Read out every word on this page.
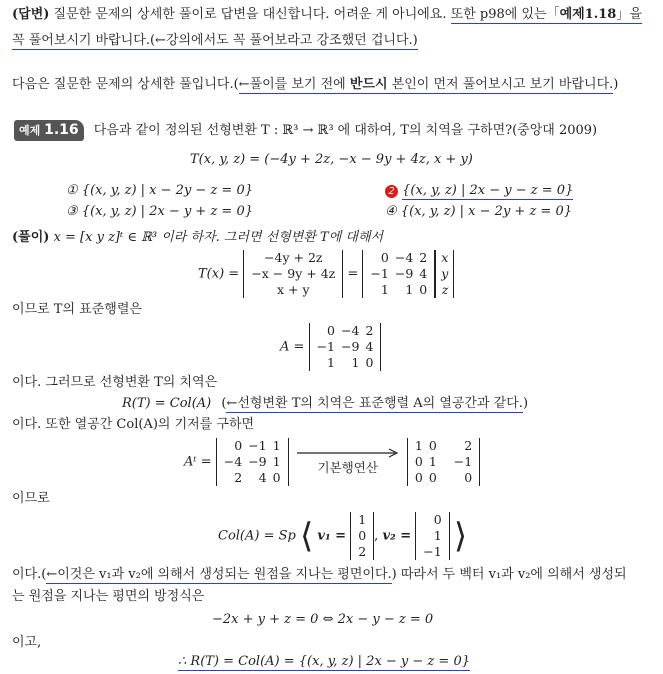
(답변) 질문한 문제의 상세한 풀이로 답변을 대신합니다. 어려운 게 아니에요. 또한 p98에 있는「예제1.18」을
꼭 풀어보시기 바랍니다.(←강의에서도 꼭 풀어보라고 강조했던 겁니다.)
다음은 질문한 문제의 상세한 풀입니다.(←풀이를 보기 전에 반드시 본인이 먼저 풀어보시고 보기 바랍니다.)
예제 1.16 다음과 같이 정의된 선형변환 T : ℝ³ → ℝ³ 에 대하여, T의 치역을 구하면?(중앙대 2009)
T(x, y, z) = (−4y + 2z, −x − 9y + 4z, x + y)
① {(x, y, z) | x − 2y − z = 0}	2 {(x, y, z) | 2x − y − z = 0}
③ {(x, y, z) | 2x − y + z = 0}	④ {(x, y, z) | x − 2y + z = 0}
(풀이) x = [x y z]ᵗ ∈ ℝ³ 이라 하자. 그러면 선형변환 T에 대해서
T(x) =
−4y + 2z
−x − 9y + 4z
x + y
=
0	−4	2
−1	−9	4
1	1	0
x
y
z
이므로 T의 표준행렬은
A =
0	−4	2
−1	−9	4
1	1	0
이다. 그러므로 선형변환 T의 치역은
R(T) = Col(A) (←선형변환 T의 치역은 표준행렬 A의 열공간과 같다.)
이다. 또한 열공간 Col(A)의 기저를 구하면
Aᵗ =
0	−1	1
−4	−9	1
2	4	0

기본행연산
1	0	2
0	1	−1
0	0	0
이므로
Col(A) = Sp ⟨ v₁ =
1
0
2
, v₂ =
0
1
−1 ⟩
이다.(←이것은 v₁과 v₂에 의해서 생성되는 원점을 지나는 평면이다.) 따라서 두 벡터 v₁과 v₂에 의해서 생성되
는 원점을 지나는 평면의 방정식은
−2x + y + z = 0 ⇔ 2x − y − z = 0
이고,
∴ R(T) = Col(A) = {(x, y, z) | 2x − y − z = 0}
